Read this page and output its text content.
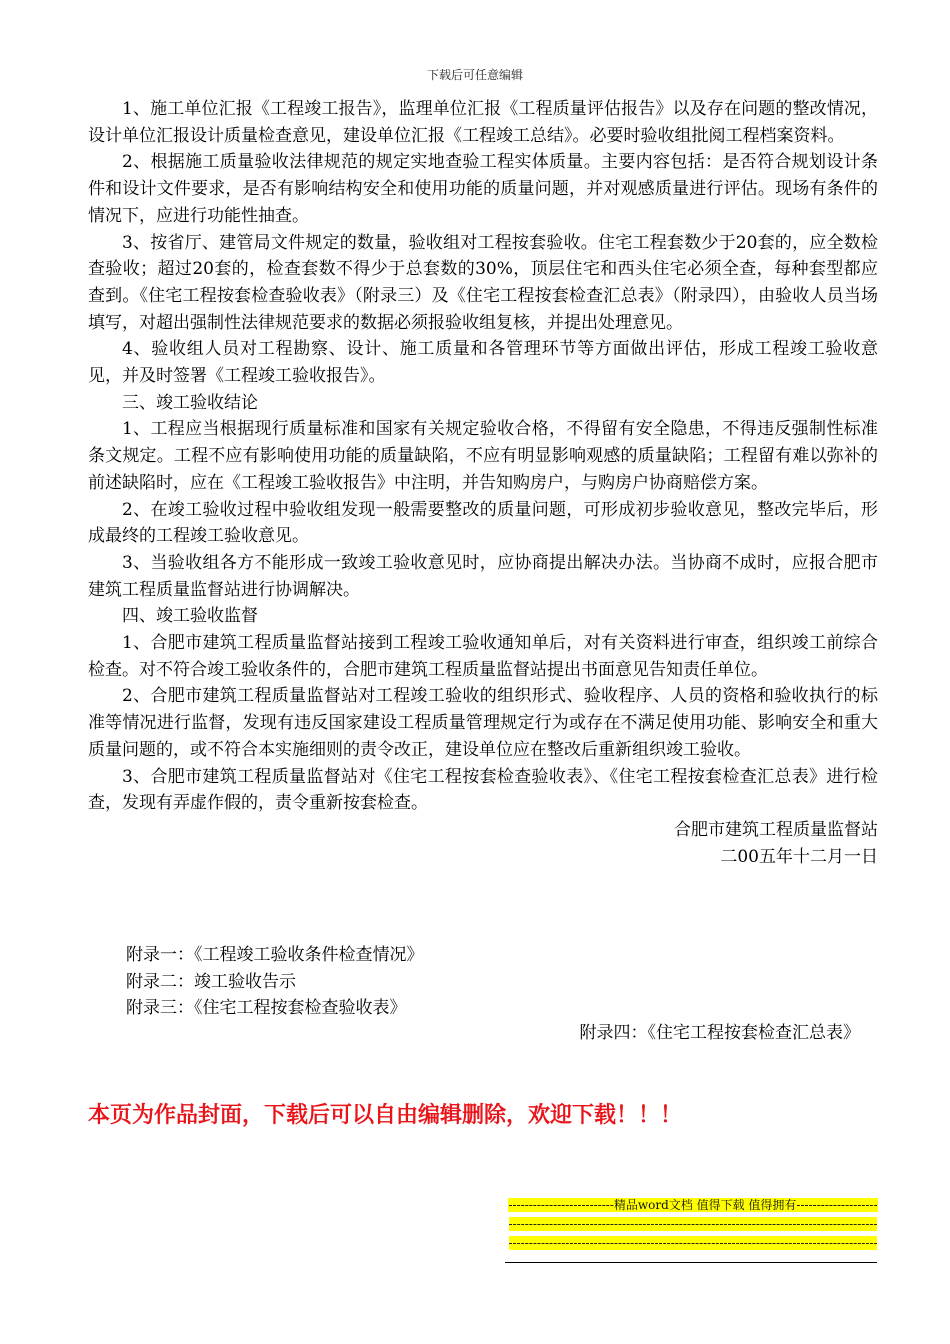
下载后可任意编辑

1、施工单位汇报《工程竣工报告》，监理单位汇报《工程质量评估报告》以及存在问题的整改情况，设计单位汇报设计质量检查意见，建设单位汇报《工程竣工总结》。必要时验收组批阅工程档案资料。

2、根据施工质量验收法律规范的规定实地查验工程实体质量。主要内容包括：是否符合规划设计条件和设计文件要求，是否有影响结构安全和使用功能的质量问题，并对观感质量进行评估。现场有条件的情况下，应进行功能性抽查。

3、按省厅、建管局文件规定的数量，验收组对工程按套验收。住宅工程套数少于20套的，应全数检查验收；超过20套的，检查套数不得少于总套数的30%，顶层住宅和西头住宅必须全查，每种套型都应查到。《住宅工程按套检查验收表》（附录三）及《住宅工程按套检查汇总表》（附录四），由验收人员当场填写，对超出强制性法律规范要求的数据必须报验收组复核，并提出处理意见。

4、验收组人员对工程勘察、设计、施工质量和各管理环节等方面做出评估，形成工程竣工验收意见，并及时签署《工程竣工验收报告》。

三、竣工验收结论

1、工程应当根据现行质量标准和国家有关规定验收合格，不得留有安全隐患，不得违反强制性标准条文规定。工程不应有影响使用功能的质量缺陷，不应有明显影响观感的质量缺陷；工程留有难以弥补的前述缺陷时，应在《工程竣工验收报告》中注明，并告知购房户，与购房户协商赔偿方案。

2、在竣工验收过程中验收组发现一般需要整改的质量问题，可形成初步验收意见，整改完毕后，形成最终的工程竣工验收意见。

3、当验收组各方不能形成一致竣工验收意见时，应协商提出解决办法。当协商不成时，应报合肥市建筑工程质量监督站进行协调解决。

四、竣工验收监督

1、合肥市建筑工程质量监督站接到工程竣工验收通知单后，对有关资料进行审查，组织竣工前综合检查。对不符合竣工验收条件的，合肥市建筑工程质量监督站提出书面意见告知责任单位。

2、合肥市建筑工程质量监督站对工程竣工验收的组织形式、验收程序、人员的资格和验收执行的标准等情况进行监督，发现有违反国家建设工程质量管理规定行为或存在不满足使用功能、影响安全和重大质量问题的，或不符合本实施细则的责令改正，建设单位应在整改后重新组织竣工验收。

3、合肥市建筑工程质量监督站对《住宅工程按套检查验收表》、《住宅工程按套检查汇总表》进行检查，发现有弄虚作假的，责令重新按套检查。

合肥市建筑工程质量监督站

二00五年十二月一日

附录一：《工程竣工验收条件检查情况》
附录二：竣工验收告示
附录三：《住宅工程按套检查验收表》
附录四：《住宅工程按套检查汇总表》
本页为作品封面，下载后可以自由编辑删除，欢迎下载！！！
--------------------------精品word文档 值得下载 值得拥有----------------------------------------------------------------------------------------------------------------------------------------------------------------------------------------------------------
